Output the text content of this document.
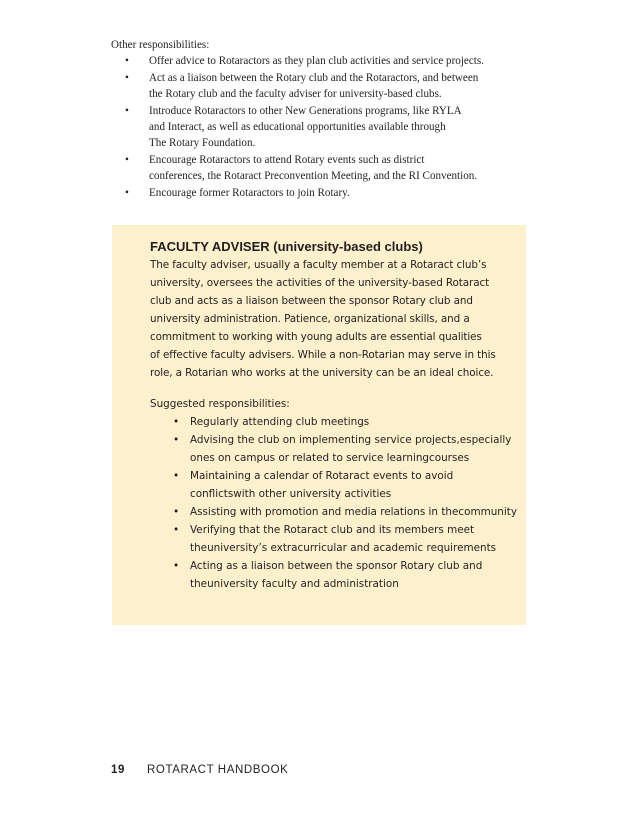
Other responsibilities:

• Offer advice to Rotaractors as they plan club activities and service projects.
• Act as a liaison between the Rotary club and the Rotaractors, and between
the Rotary club and the faculty adviser for university-based clubs.
• Introduce Rotaractors to other New Generations programs, like RYLA
and Interact, as well as educational opportunities available through
The Rotary Foundation.
• Encourage Rotaractors to attend Rotary events such as district
conferences, the Rotaract Preconvention Meeting, and the RI Convention.
• Encourage former Rotaractors to join Rotary.

FACULTY ADVISER (university-based clubs)

The faculty adviser, usually a faculty member at a Rotaract club’s
university, oversees the activities of the university-based Rotaract
club and acts as a liaison between the sponsor Rotary club and
university administration. Patience, organizational skills, and a
commitment to working with young adults are essential qualities
of effective faculty advisers. While a non-Rotarian may serve in this
role, a Rotarian who works at the university can be an ideal choice.
Suggested responsibilities:
• Regularly attending club meetings
• Advising the club on implementing service projects,especially ones on campus or related to service learningcourses
• Maintaining a calendar of Rotaract events to avoid conflictswith other university activities
• Assisting with promotion and media relations in thecommunity
• Verifying that the Rotaract club and its members meet theuniversity’s extracurricular and academic requirements
• Acting as a liaison between the sponsor Rotary club and theuniversity faculty and administration
19 ROTARACT HANDBOOK
